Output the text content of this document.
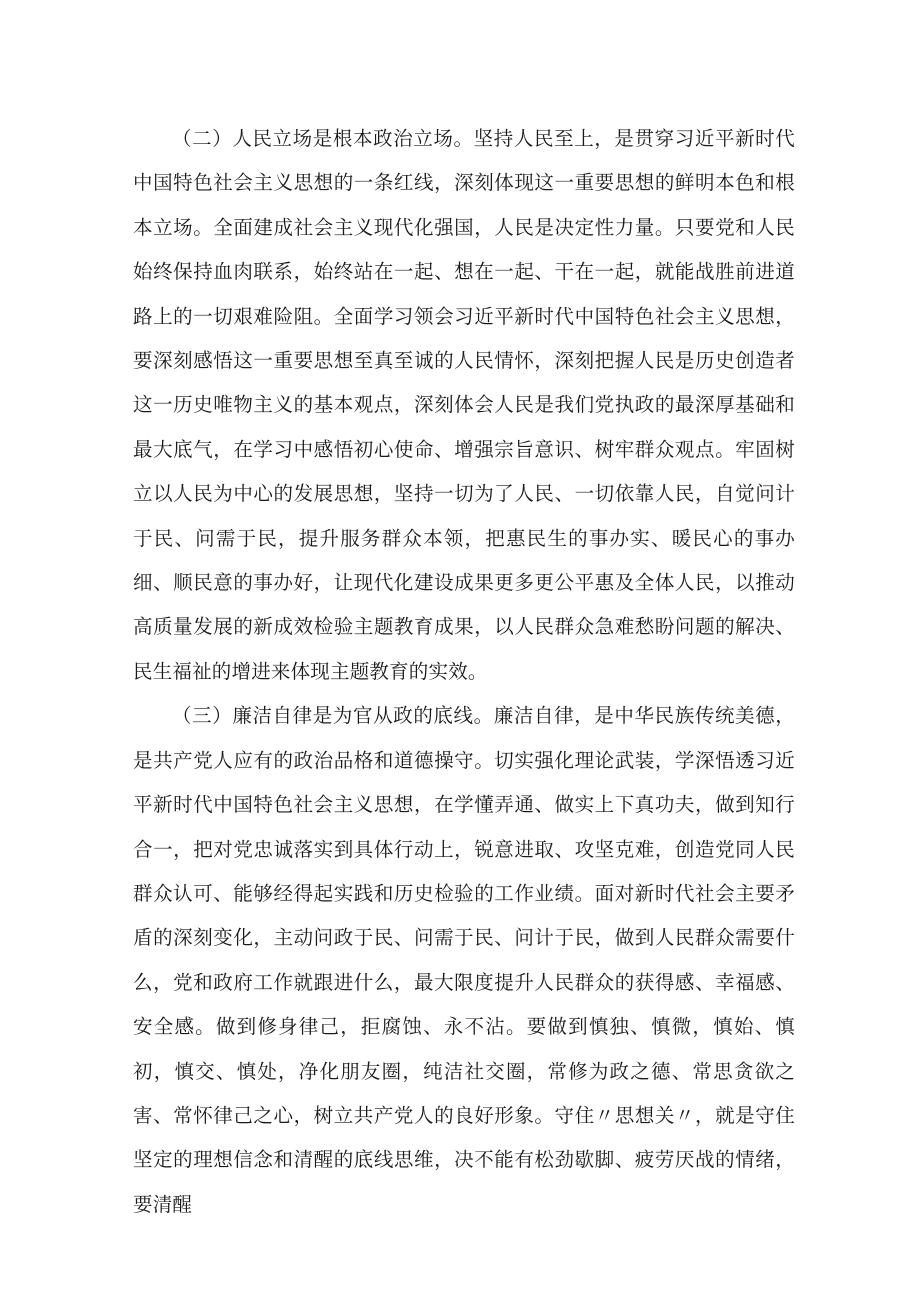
（二）人民立场是根本政治立场。坚持人民至上，是贯穿习近平新时代中国特色社会主义思想的一条红线，深刻体现这一重要思想的鲜明本色和根本立场。全面建成社会主义现代化强国，人民是决定性力量。只要党和人民始终保持血肉联系，始终站在一起、想在一起、干在一起，就能战胜前进道路上的一切艰难险阻。全面学习领会习近平新时代中国特色社会主义思想，要深刻感悟这一重要思想至真至诚的人民情怀，深刻把握人民是历史创造者这一历史唯物主义的基本观点，深刻体会人民是我们党执政的最深厚基础和最大底气，在学习中感悟初心使命、增强宗旨意识、树牢群众观点。牢固树立以人民为中心的发展思想，坚持一切为了人民、一切依靠人民，自觉问计于民、问需于民，提升服务群众本领，把惠民生的事办实、暖民心的事办细、顺民意的事办好，让现代化建设成果更多更公平惠及全体人民，以推动高质量发展的新成效检验主题教育成果，以人民群众急难愁盼问题的解决、民生福祉的增进来体现主题教育的实效。

（三）廉洁自律是为官从政的底线。廉洁自律，是中华民族传统美德，是共产党人应有的政治品格和道德操守。切实强化理论武装，学深悟透习近平新时代中国特色社会主义思想，在学懂弄通、做实上下真功夫，做到知行合一，把对党忠诚落实到具体行动上，锐意进取、攻坚克难，创造党同人民群众认可、能够经得起实践和历史检验的工作业绩。面对新时代社会主要矛盾的深刻变化，主动问政于民、问需于民、问计于民，做到人民群众需要什么，党和政府工作就跟进什么，最大限度提升人民群众的获得感、幸福感、安全感。做到修身律己，拒腐蚀、永不沾。要做到慎独、慎微，慎始、慎初，慎交、慎处，净化朋友圈，纯洁社交圈，常修为政之德、常思贪欲之害、常怀律己之心，树立共产党人的良好形象。守住〃思想关〃，就是守住坚定的理想信念和清醒的底线思维，决不能有松劲歇脚、疲劳厌战的情绪，要清醒
